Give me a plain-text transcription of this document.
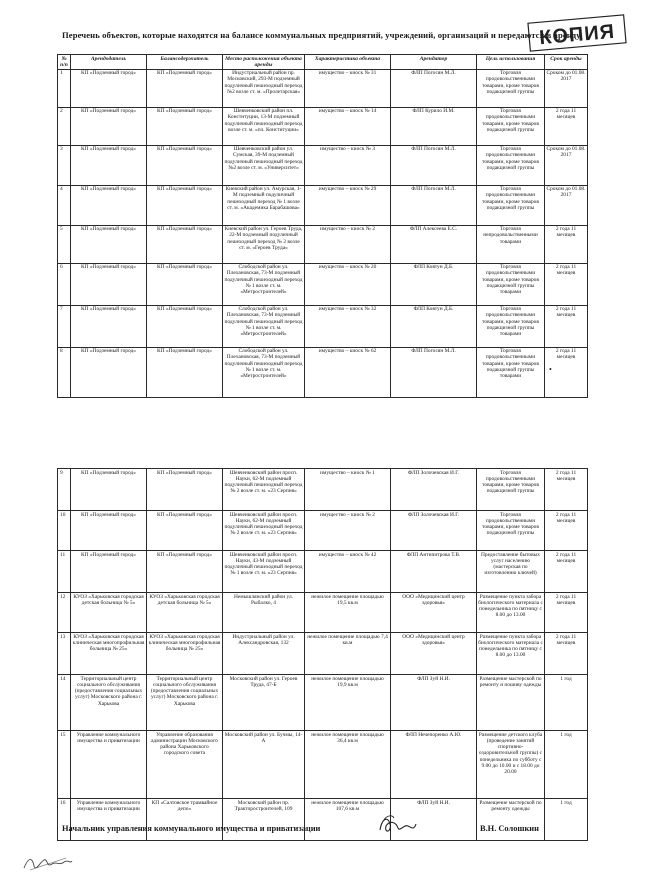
Перечень объектов, которые находятся на балансе коммунальных предприятий, учреждений, организаций и передаются в аренду
КОПИЯ
№ п/п	Арендодатель	Балансодержатель	Место расположения объекта аренды	Характеристика объекта	Арендатор	Цель использования	Срок аренды
1	КП «Подземный город»	КП «Подземный город»	Индустриальный район пр. Московский, 293-М подземный подуличный пешеходный переход №2 возле ст. м. «Пролетарская»	имущество – киоск № 31	ФЛП Погосян М.Л.	Торговля продовольственными товарами, кроме товаров подакцизной группы	Сроком до 01.08. 2017
2	КП «Подземный город»	КП «Подземный город»	Шевченковский район пл. Конституции, 13-М подземный подуличный пешеходный переход возле ст. м. «пл. Конституции»	имущество – киоск № 14	ФЛП Курило И.М.	Торговля продовольственными товарами, кроме товаров подакцизной группы	2 года 11 месяцев
3	КП «Подземный город»	КП «Подземный город»	Шевченковский район ул. Сумская, 39-М подземный подуличный пешеходный переход №2 возле ст. м. «Университет»	имущество – киоск № 3	ФЛП Погосян М.Л.	Торговля продовольственными товарами, кроме товаров подакцизной группы	Сроком до 01.08. 2017
4	КП «Подземный город»	КП «Подземный город»	Киевский район ул. Амурская, 1-М подземный подуличный пешеходный переход № 1 возле ст. м. «Академика Барабашова»	имущество – киоск № 29	ФЛП Погосян М.Л.	Торговля продовольственными товарами, кроме товаров подакцизной группы	Сроком до 01.08. 2017
5	КП «Подземный город»	КП «Подземный город»	Киевский район ул. Героев Труда, 22-М подземный подуличный пешеходный переход № 2 возле ст. м. «Героев Труда»	имущество – киоск № 2	ФЛП Алексеева Е.С.	Торговля непродовольственными товарами	2 года 11 месяцев
6	КП «Подземный город»	КП «Подземный город»	Слободской район ул. Плехановская, 73-М подземный подуличный пешеходный переход № 1 возле ст. м. «Метростроителей»	имущество – киоск № 20	ФЛП Ковтун Д.Б.	Торговля продовольственными товарами, кроме товаров подакцизной группы товарами	2 года 11 месяцев
7	КП «Подземный город»	КП «Подземный город»	Слободской район ул. Плехановская, 73-М подземный подуличный пешеходный переход № 1 возле ст. м. «Метростроителей»	имущество – киоск № 32	ФЛП Ковтун Д.Б.	Торговля продовольственными товарами, кроме товаров подакцизной группы товарами	2 года 11 месяцев
8	КП «Подземный город»	КП «Подземный город»	Слободской район ул. Плехановская, 73-М подземный подуличный пешеходный переход № 1 возле ст. м. «Метростроителей»	имущество – киоск № 62	ФЛП Погосян М.Л.	Торговля продовольственными товарами, кроме товаров подакцизной группы товарами	2 года 11 месяцев
•
9	КП «Подземный город»	КП «Подземный город»	Шевченковский район просп. Науки, 62-М подземный подуличный пешеходный переход № 2 возле ст. м. «23 Серпня»	имущество – киоск № 1	ФЛП Золочевская И.Г.	Торговля продовольственными товарами, кроме товаров подакцизной группы	2 года 11 месяцев
10	КП «Подземный город»	КП «Подземный город»	Шевченковский район просп. Науки, 62-М подземный подуличный пешеходный переход № 2 возле ст. м. «23 Серпня»	имущество – киоск № 2	ФЛП Золочевская И.Г.	Торговля продовольственными товарами, кроме товаров подакцизной группы	2 года 11 месяцев
11	КП «Подземный город»	КП «Подземный город»	Шевченковский район просп. Науки, 43-М подземный подуличный пешеходный переход № 1 возле ст. м. «23 Серпня»	имущество – киоск № 42	ФЛП Антипитрова Т.В.	Предоставление бытовых услуг населению (мастерская по изготовлению ключей)	2 года 11 месяцев
12	КУОЗ «Харьковская городская детская больница № 5»	КУОЗ «Харьковская городская детская больница № 5»	Немышлянский район ул. Рыбалко, 4	нежилое помещение площадью 19,5 кв.м	ООО «Медицинский центр здоровья»	Размещение пункта забора биологического материала с понедельника по пятницу с 8.00 до 13.00	2 года 11 месяцев
13	КУОЗ «Харьковская городская клиническая многопрофильная больница № 25»	КУОЗ «Харьковская городская клиническая многопрофильная больница № 25»	Индустриальный район ул. Александровская, 132	нежилое помещение площадью 7,4 кв.м	ООО «Медицинский центр здоровья»	Размещение пункта забора биологического материала с понедельника по пятницу с 8.00 до 13.00	2 года 11 месяцев
14	Территориальный центр социального обслуживания (предоставления социальных услуг) Московского района г. Харькова	Территориальный центр социального обслуживания (предоставления социальных услуг) Московского района г. Харькова	Московский район ул. Героев Труда, 47-Б	нежилое помещение площадью 19,9 кв.м	ФЛП Зуй Н.И.	Размещение мастерской по ремонту и пошиву одежды	1 год
15	Управление коммунального имущества и приватизации	Управление образования администрации Московского района Харьковского городского совета	Московский район ул. Бучмы, 14-А	нежилое помещение площадью 36,4 кв.м	ФЛП Нечепоренко А.Ю.	Размещение детского клуба (проведение занятий спортивно-оздоровительной группы) с понедельника по субботу с 9.00 до 10.00 и с 18.00 до 20.00	1 год
16	Управление коммунального имущества и приватизации	КП «Салтовское трамвайное депо»	Московский район пр. Тракторостроителей, 109	нежилое помещение площадью 107,6 кв.м	ФЛП Зуй Н.И.	Размещение мастерской по ремонту одежды	1 год
Начальник управления коммунального имущества и приватизации	В.Н. Солошкин
